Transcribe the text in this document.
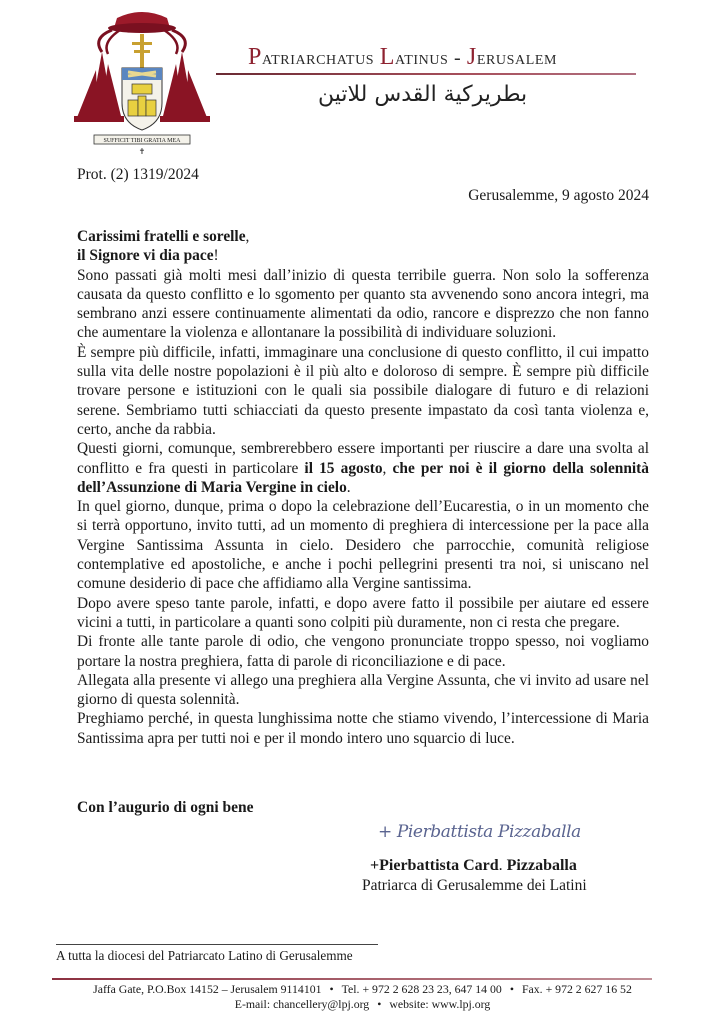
SUFFICIT TIBI GRATIA MEA
✝
Patriarchatus Latinus - Jerusalem
بطريركية القدس للاتين
Prot. (2) 1319/2024
Gerusalemme, 9 agosto 2024

Carissimi fratelli e sorelle,

il Signore vi dia pace!

Sono passati già molti mesi dall’inizio di questa terribile guerra. Non solo la sofferenza causata da questo conflitto e lo sgomento per quanto sta avvenendo sono ancora integri, ma sembrano anzi essere continuamente alimentati da odio, rancore e disprezzo che non fanno che aumentare la violenza e allontanare la possibilità di individuare soluzioni.

È sempre più difficile, infatti, immaginare una conclusione di questo conflitto, il cui impatto sulla vita delle nostre popolazioni è il più alto e doloroso di sempre. È sempre più difficile trovare persone e istituzioni con le quali sia possibile dialogare di futuro e di relazioni serene. Sembriamo tutti schiacciati da questo presente impastato da così tanta violenza e, certo, anche da rabbia.

Questi giorni, comunque, sembrerebbero essere importanti per riuscire a dare una svolta al conflitto e fra questi in particolare il 15 agosto, che per noi è il giorno della solennità dell’Assunzione di Maria Vergine in cielo.

In quel giorno, dunque, prima o dopo la celebrazione dell’Eucarestia, o in un momento che si terrà opportuno, invito tutti, ad un momento di preghiera di intercessione per la pace alla Vergine Santissima Assunta in cielo. Desidero che parrocchie, comunità religiose contemplative ed apostoliche, e anche i pochi pellegrini presenti tra noi, si uniscano nel comune desiderio di pace che affidiamo alla Vergine santissima.

Dopo avere speso tante parole, infatti, e dopo avere fatto il possibile per aiutare ed essere vicini a tutti, in particolare a quanti sono colpiti più duramente, non ci resta che pregare.

Di fronte alle tante parole di odio, che vengono pronunciate troppo spesso, noi vogliamo portare la nostra preghiera, fatta di parole di riconciliazione e di pace.

Allegata alla presente vi allego una preghiera alla Vergine Assunta, che vi invito ad usare nel giorno di questa solennità.

Preghiamo perché, in questa lunghissima notte che stiamo vivendo, l’intercessione di Maria Santissima apra per tutti noi e per il mondo intero uno squarcio di luce.

Con l’augurio di ogni bene
+ Pierbattista Pizzaballa
+Pierbattista Card. Pizzaballa
Patriarca di Gerusalemme dei Latini
A tutta la diocesi del Patriarcato Latino di Gerusalemme
Jaffa Gate, P.O.Box 14152 – Jerusalem 9114101 • Tel. + 972 2 628 23 23, 647 14 00 • Fax. + 972 2 627 16 52
E-mail: chancellery@lpj.org • website: www.lpj.org
